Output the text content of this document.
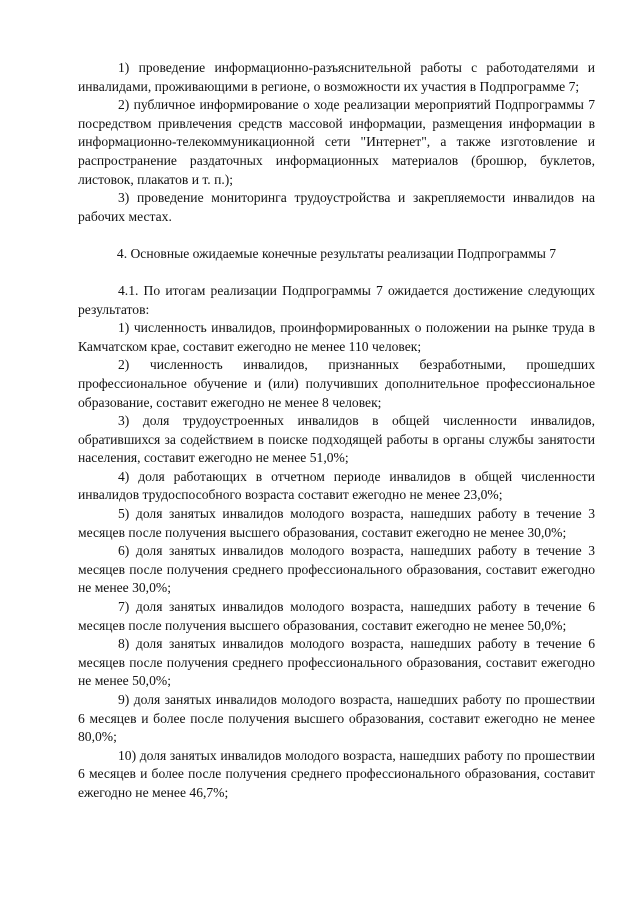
1) проведение информационно-разъяснительной работы с работодателями и инвалидами, проживающими в регионе, о возможности их участия в Подпрограмме 7;

2) публичное информирование о ходе реализации мероприятий Подпрограммы 7 посредством привлечения средств массовой информации, размещения информации в информационно-телекоммуникационной сети "Интернет", а также изготовление и распространение раздаточных информационных материалов (брошюр, буклетов, листовок, плакатов и т. п.);

3) проведение мониторинга трудоустройства и закрепляемости инвалидов на рабочих местах.

4. Основные ожидаемые конечные результаты реализации Подпрограммы 7

4.1. По итогам реализации Подпрограммы 7 ожидается достижение следующих результатов:

1) численность инвалидов, проинформированных о положении на рынке труда в Камчатском крае, составит ежегодно не менее 110 человек;

2) численность инвалидов, признанных безработными, прошедших профессиональное обучение и (или) получивших дополнительное профессиональное образование, составит ежегодно не менее 8 человек;

3) доля трудоустроенных инвалидов в общей численности инвалидов, обратившихся за содействием в поиске подходящей работы в органы службы занятости населения, составит ежегодно не менее 51,0%;

4) доля работающих в отчетном периоде инвалидов в общей численности инвалидов трудоспособного возраста составит ежегодно не менее 23,0%;

5) доля занятых инвалидов молодого возраста, нашедших работу в течение 3 месяцев после получения высшего образования, составит ежегодно не менее 30,0%;

6) доля занятых инвалидов молодого возраста, нашедших работу в течение 3 месяцев после получения среднего профессионального образования, составит ежегодно не менее 30,0%;

7) доля занятых инвалидов молодого возраста, нашедших работу в течение 6 месяцев после получения высшего образования, составит ежегодно не менее 50,0%;

8) доля занятых инвалидов молодого возраста, нашедших работу в течение 6 месяцев после получения среднего профессионального образования, составит ежегодно не менее 50,0%;

9) доля занятых инвалидов молодого возраста, нашедших работу по прошествии 6 месяцев и более после получения высшего образования, составит ежегодно не менее 80,0%;

10) доля занятых инвалидов молодого возраста, нашедших работу по прошествии 6 месяцев и более после получения среднего профессионального образования, составит ежегодно не менее 46,7%;
